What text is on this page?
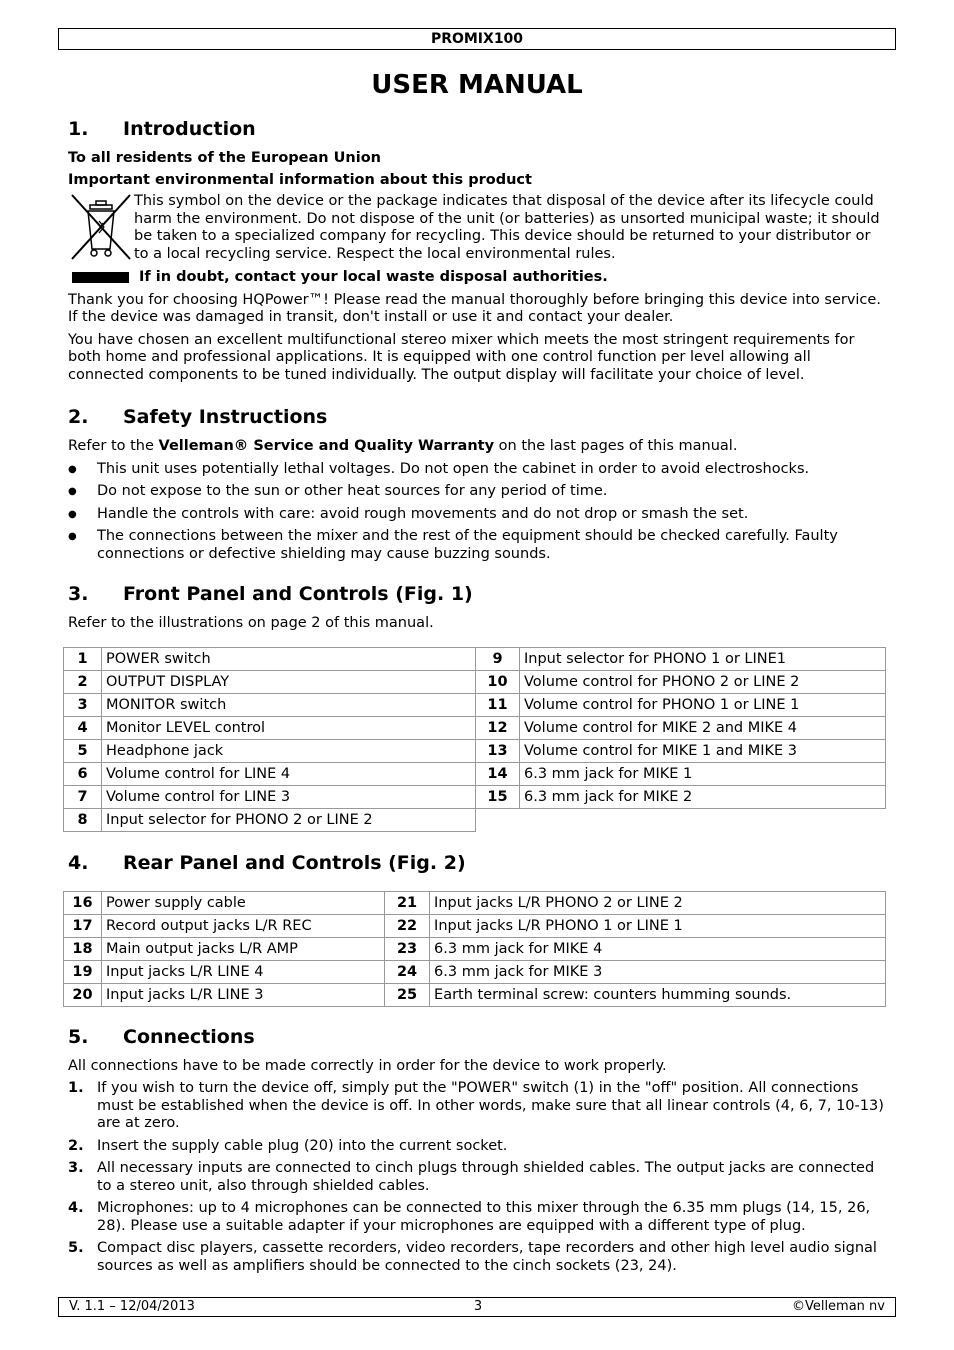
PROMIX100
USER MANUAL
1.	Introduction

To all residents of the European Union

Important environmental information about this product

This symbol on the device or the package indicates that disposal of the device after its lifecycle could harm the environment. Do not dispose of the unit (or batteries) as unsorted municipal waste; it should be taken to a specialized company for recycling. This device should be returned to your distributor or to a local recycling service. Respect the local environmental rules.

If in doubt, contact your local waste disposal authorities.

Thank you for choosing HQPower™! Please read the manual thoroughly before bringing this device into service. If the device was damaged in transit, don't install or use it and contact your dealer.

You have chosen an excellent multifunctional stereo mixer which meets the most stringent requirements for both home and professional applications. It is equipped with one control function per level allowing all connected components to be tuned individually. The output display will facilitate your choice of level.

2.	Safety Instructions

Refer to the Velleman® Service and Quality Warranty on the last pages of this manual.

●	This unit uses potentially lethal voltages. Do not open the cabinet in order to avoid electroshocks.
●	Do not expose to the sun or other heat sources for any period of time.
●	Handle the controls with care: avoid rough movements and do not drop or smash the set.
●	The connections between the mixer and the rest of the equipment should be checked carefully. Faulty connections or defective shielding may cause buzzing sounds.
3.	Front Panel and Controls (Fig. 1)

Refer to the illustrations on page 2 of this manual.

1	POWER switch
2	OUTPUT DISPLAY
3	MONITOR switch
4	Monitor LEVEL control
5	Headphone jack
6	Volume control for LINE 4
7	Volume control for LINE 3
8	Input selector for PHONO 2 or LINE 2
9	Input selector for PHONO 1 or LINE1
10	Volume control for PHONO 2 or LINE 2
11	Volume control for PHONO 1 or LINE 1
12	Volume control for MIKE 2 and MIKE 4
13	Volume control for MIKE 1 and MIKE 3
14	6.3 mm jack for MIKE 1
15	6.3 mm jack for MIKE 2
4.	Rear Panel and Controls (Fig. 2)
16	Power supply cable
17	Record output jacks L/R REC
18	Main output jacks L/R AMP
19	Input jacks L/R LINE 4
20	Input jacks L/R LINE 3
21	Input jacks L/R PHONO 2 or LINE 2
22	Input jacks L/R PHONO 1 or LINE 1
23	6.3 mm jack for MIKE 4
24	6.3 mm jack for MIKE 3
25	Earth terminal screw: counters humming sounds.
5.	Connections

All connections have to be made correctly in order for the device to work properly.

1. If you wish to turn the device off, simply put the "POWER" switch (1) in the "off" position. All connections must be established when the device is off. In other words, make sure that all linear controls (4, 6, 7, 10-13) are at zero.
2. Insert the supply cable plug (20) into the current socket.
3. All necessary inputs are connected to cinch plugs through shielded cables. The output jacks are connected to a stereo unit, also through shielded cables.
4. Microphones: up to 4 microphones can be connected to this mixer through the 6.35 mm plugs (14, 15, 26, 28). Please use a suitable adapter if your microphones are equipped with a different type of plug.
5. Compact disc players, cassette recorders, video recorders, tape recorders and other high level audio signal sources as well as amplifiers should be connected to the cinch sockets (23, 24).
V. 1.1 – 12/04/2013	3	©Velleman nv
